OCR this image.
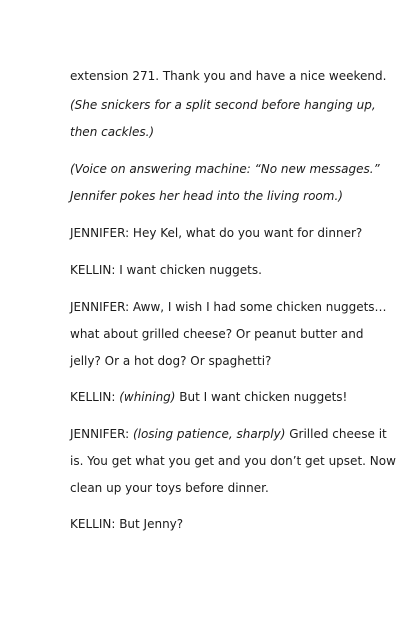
extension 271. Thank you and have a nice weekend.
(She snickers for a split second before hanging up,
then cackles.)
(Voice on answering machine: “No new messages.”
Jennifer pokes her head into the living room.)
JENNIFER: Hey Kel, what do you want for dinner?
KELLIN: I want chicken nuggets.
JENNIFER: Aww, I wish I had some chicken nuggets…
what about grilled cheese? Or peanut butter and
jelly? Or a hot dog? Or spaghetti?
KELLIN: (whining) But I want chicken nuggets!
JENNIFER: (losing patience, sharply) Grilled cheese it
is. You get what you get and you don’t get upset. Now
clean up your toys before dinner.
KELLIN: But Jenny?
